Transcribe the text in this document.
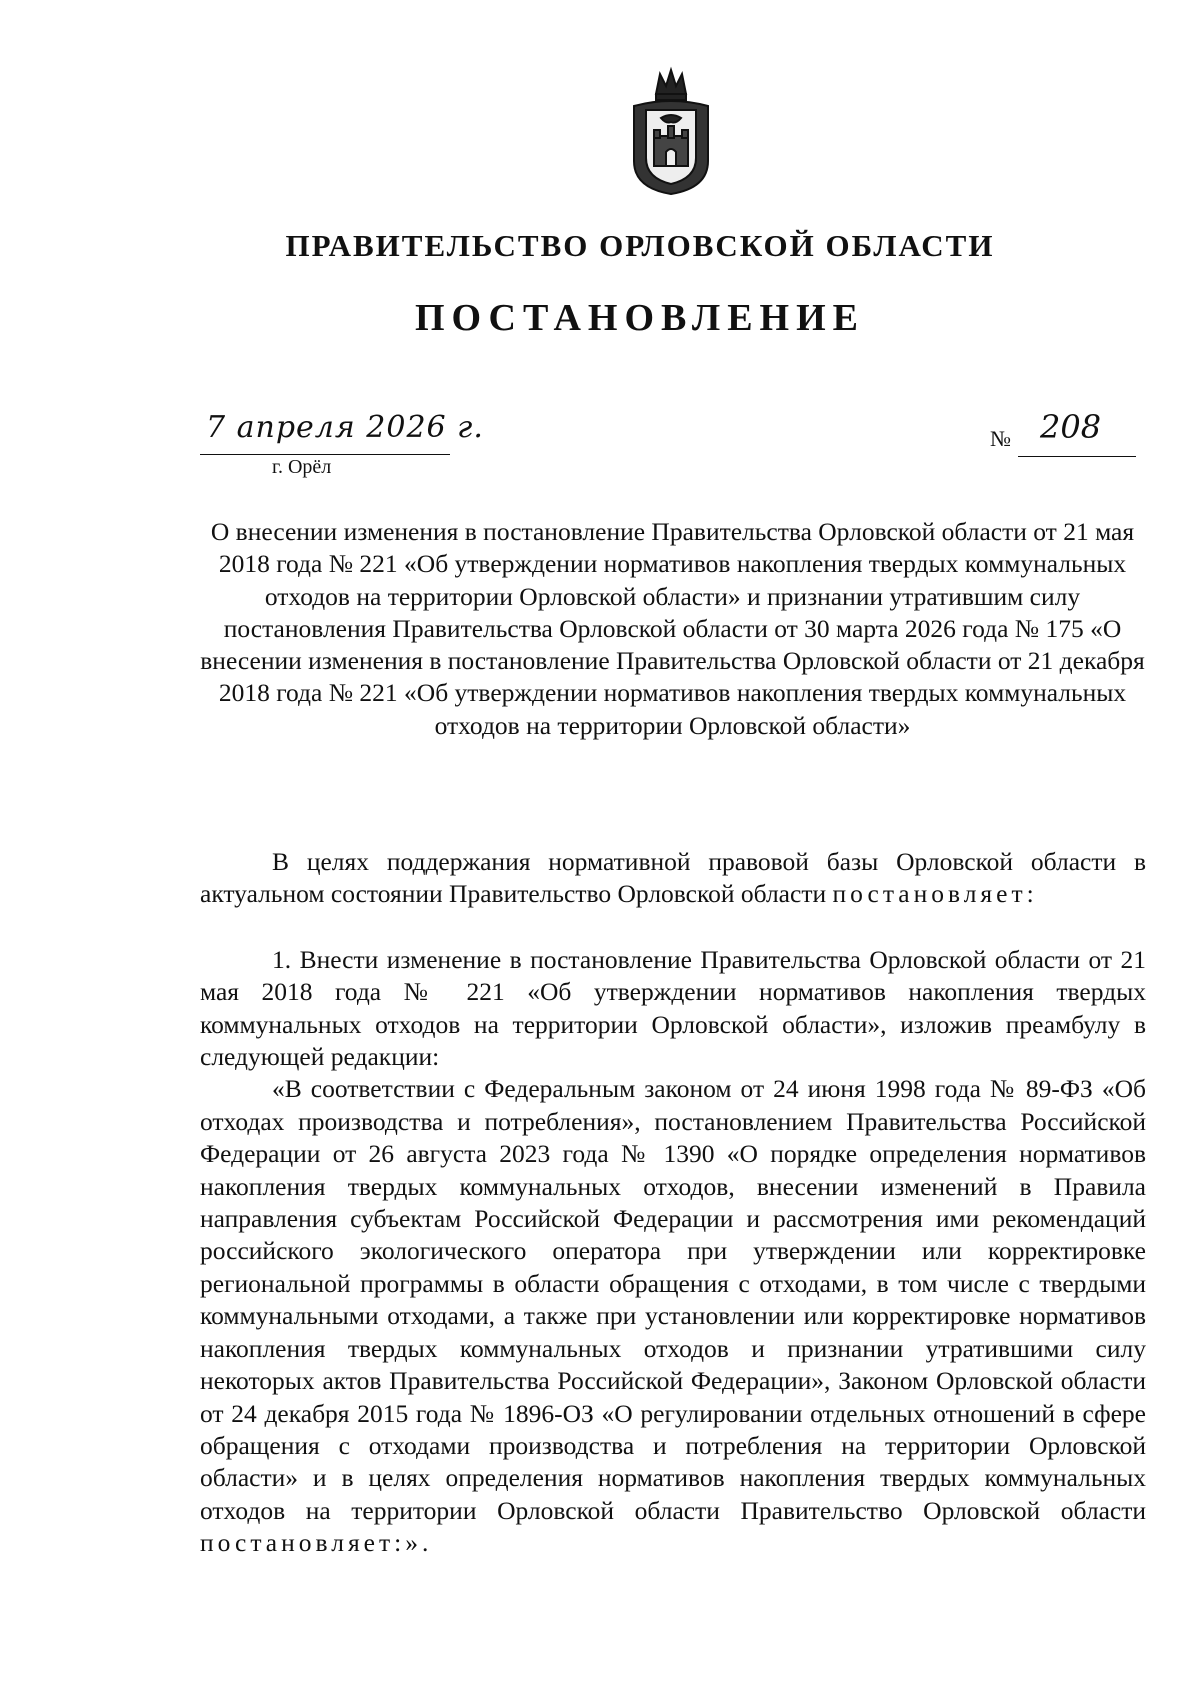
ПРАВИТЕЛЬСТВО ОРЛОВСКОЙ ОБЛАСТИ
ПОСТАНОВЛЕНИЕ
7 апреля 2026 г.
г. Орёл
№ 208
О внесении изменения в постановление Правительства Орловской области от 21 мая 2018 года № 221 «Об утверждении нормативов накопления твердых коммунальных отходов на территории Орловской области» и признании утратившим силу постановления Правительства Орловской области от 30 марта 2026 года № 175 «О внесении изменения в постановление Правительства Орловской области от 21 декабря 2018 года № 221 «Об утверждении нормативов накопления твердых коммунальных отходов на территории Орловской области»

В целях поддержания нормативной правовой базы Орловской области в актуальном состоянии Правительство Орловской области постановляет:

1. Внести изменение в постановление Правительства Орловской области от 21 мая 2018 года № 221 «Об утверждении нормативов накопления твердых коммунальных отходов на территории Орловской области», изложив преамбулу в следующей редакции:

«В соответствии с Федеральным законом от 24 июня 1998 года № 89-ФЗ «Об отходах производства и потребления», постановлением Правительства Российской Федерации от 26 августа 2023 года № 1390 «О порядке определения нормативов накопления твердых коммунальных отходов, внесении изменений в Правила направления субъектам Российской Федерации и рассмотрения ими рекомендаций российского экологического оператора при утверждении или корректировке региональной программы в области обращения с отходами, в том числе с твердыми коммунальными отходами, а также при установлении или корректировке нормативов накопления твердых коммунальных отходов и признании утратившими силу некоторых актов Правительства Российской Федерации», Законом Орловской области от 24 декабря 2015 года № 1896-ОЗ «О регулировании отдельных отношений в сфере обращения с отходами производства и потребления на территории Орловской области» и в целях определения нормативов накопления твердых коммунальных отходов на территории Орловской области Правительство Орловской области постановляет:».
